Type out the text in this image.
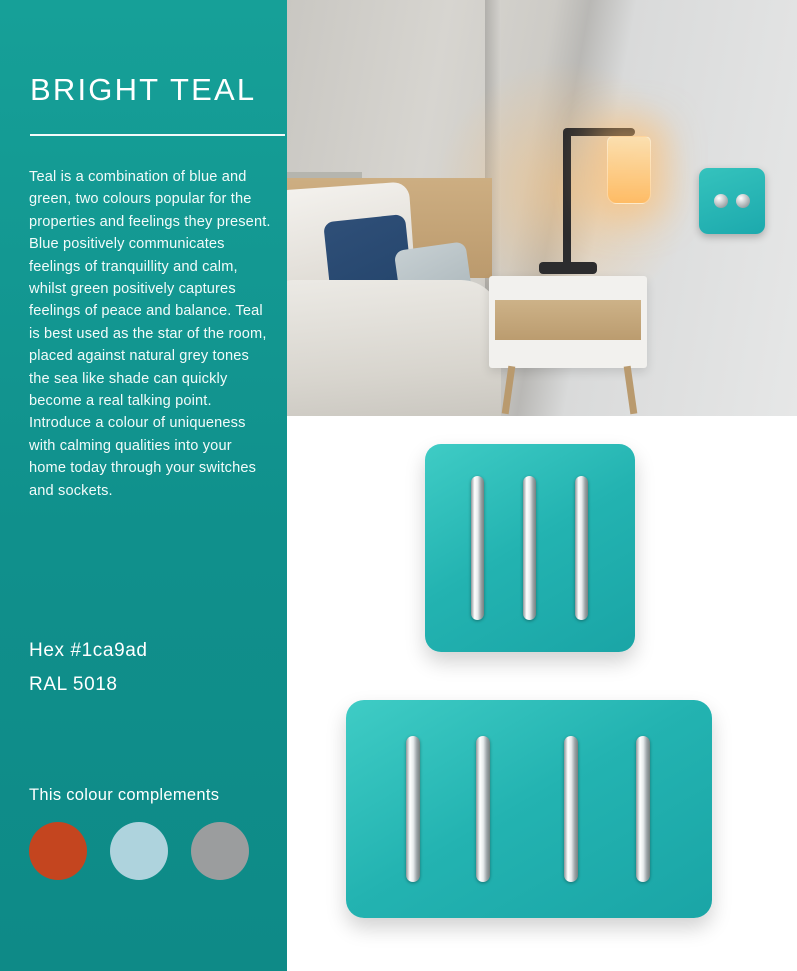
BRIGHT TEAL
Teal is a combination of blue and green, two colours popular for the properties and feelings they present. Blue positively communicates feelings of tranquillity and calm, whilst green positively captures feelings of peace and balance. Teal is best used as the star of the room, placed against natural grey tones the sea like shade can quickly become a real talking point. Introduce a colour of uniqueness with calming qualities into your home today through your switches and sockets.
Hex #1ca9ad
RAL 5018
This colour complements
